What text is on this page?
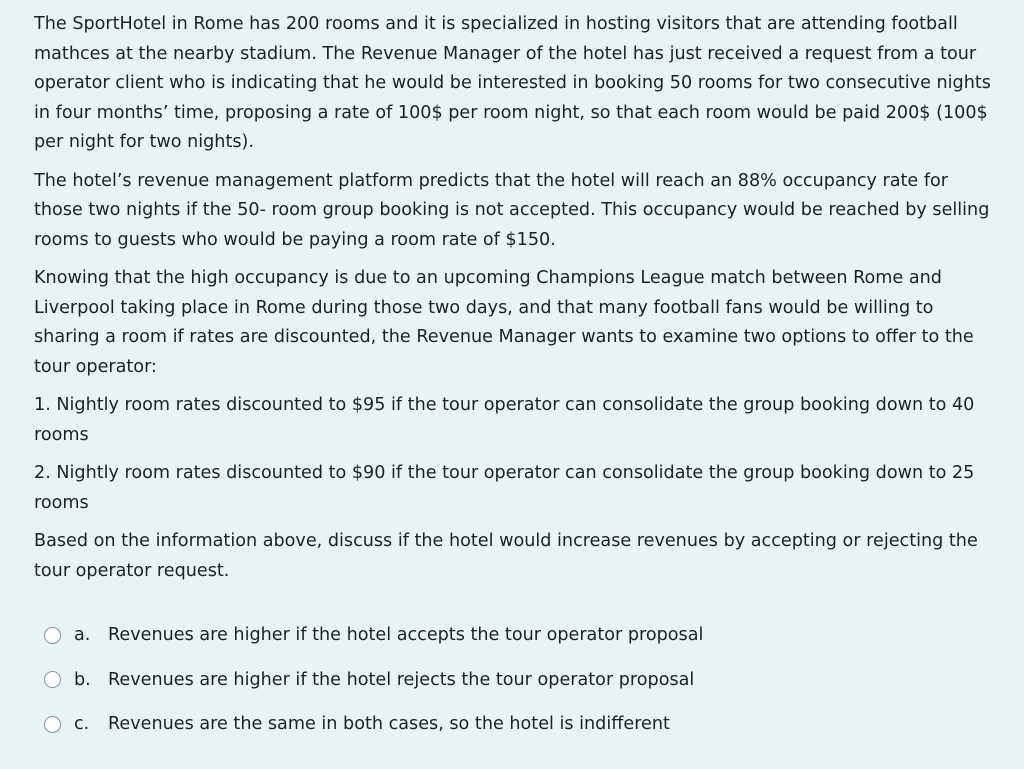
The SportHotel in Rome has 200 rooms and it is specialized in hosting visitors that are attending football mathces at the nearby stadium. The Revenue Manager of the hotel has just received a request from a tour operator client who is indicating that he would be interested in booking 50 rooms for two consecutive nights in four months’ time, proposing a rate of 100$ per room night, so that each room would be paid 200$ (100$ per night for two nights).

The hotel’s revenue management platform predicts that the hotel will reach an 88% occupancy rate for those two nights if the 50- room group booking is not accepted. This occupancy would be reached by selling rooms to guests who would be paying a room rate of $150.

Knowing that the high occupancy is due to an upcoming Champions League match between Rome and Liverpool taking place in Rome during those two days, and that many football fans would be willing to sharing a room if rates are discounted, the Revenue Manager wants to examine two options to offer to the tour operator:

1. Nightly room rates discounted to $95 if the tour operator can consolidate the group booking down to 40 rooms

2. Nightly room rates discounted to $90 if the tour operator can consolidate the group booking down to 25 rooms

Based on the information above, discuss if the hotel would increase revenues by accepting or rejecting the tour operator request.

a.	Revenues are higher if the hotel accepts the tour operator proposal
b. Revenues are higher if the hotel rejects the tour operator proposal
c.	Revenues are the same in both cases, so the hotel is indifferent
